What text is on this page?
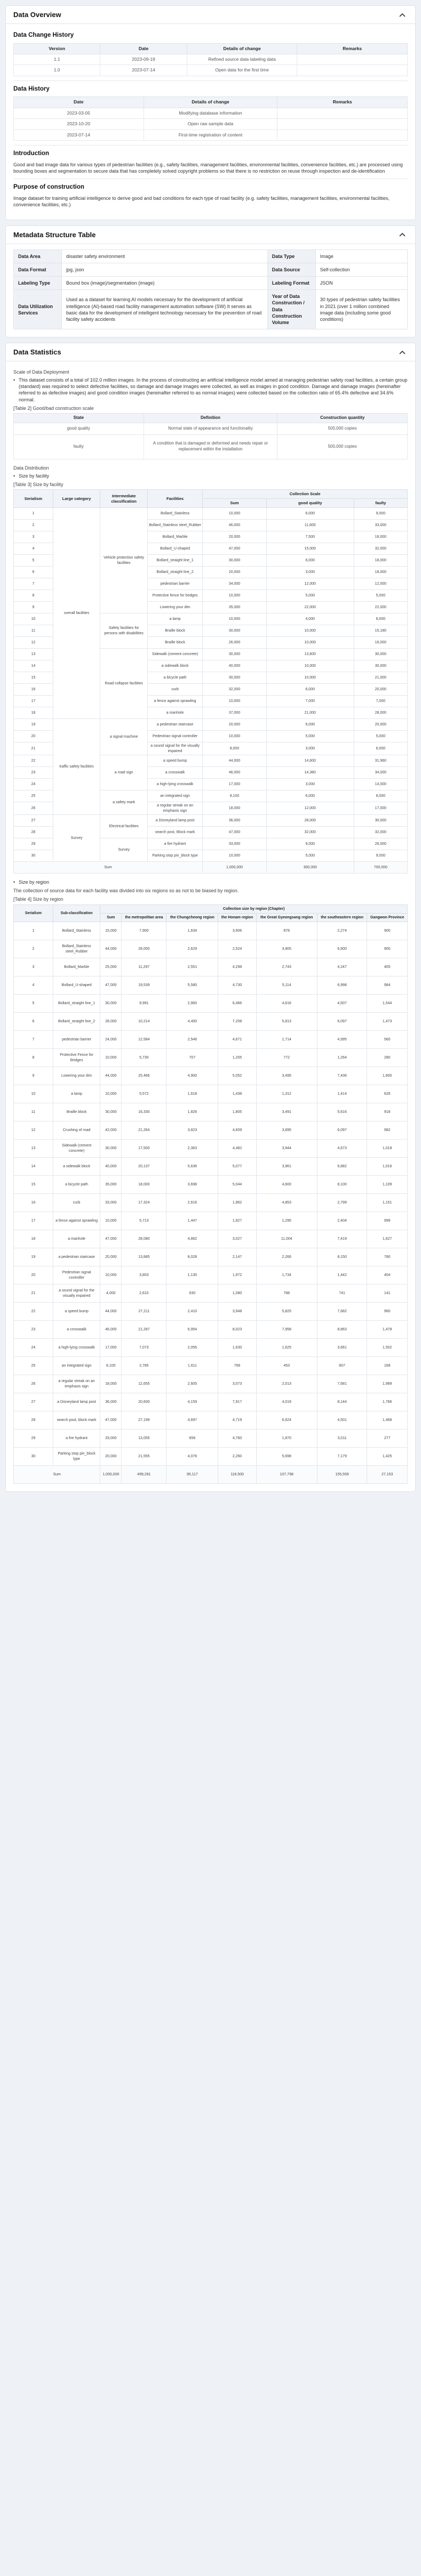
Data Overview
Data Change History
Version	Date	Details of change	Remarks
1.1	2023-09-19	Refined source data labeling data	
1.0	2023-07-14	Open data for the first time	
Data History
Date	Details of change	Remarks
2023-03-05	Modifying database information	
2023-10-20	Open raw sample data	
2023-07-14	First-time registration of content	
Introduction

Good and bad image data for various types of pedestrian facilities (e.g., safety facilities, management facilities, environmental facilities, convenience facilities, etc.) are processed using bounding boxes and segmentation to secure data that has completely solved copyright problems so that there is no restriction on reuse through inspection and de-identification

Purpose of construction

Image dataset for training artificial intelligence to derive good and bad conditions for each type of road facility (e.g. safety facilities, management facilities, environmental facilities, convenience facilities, etc.)

Metadata Structure Table
Data Area	disaster safety environment	Data Type	Image
Data Format	jpg, json	Data Source	Self-collection
Labeling Type	Bound box (image)/segmentation (image)	Labeling Format	JSON
Data Utilization Services	Used as a dataset for learning AI models necessary for the development of artificial intelligence (AI)-based road facility management automation software (SW) It serves as basic data for the development of intelligent technology necessary for the prevention of road facility safety accidents	Year of Data Construction / Data Construction Volume	30 types of pedestrian safety facilities in 2021 (over 1 million combined image data (including some good conditions)
Data Statistics
Scale of Data Deployment
• This dataset consists of a total of 102.0 million images. In the process of constructing an artificial intelligence model aimed at managing pedestrian safety road facilities, a certain group (standard) was required to select defective facilities, so damage and damage images were collected, as well as images in good condition. Damage and damage images (hereinafter referred to as defective images) and good condition images (hereinafter referred to as normal images) were collected based on the collection ratio of 65.4% defective and 34.6% normal.
[Table 2] Good/bad construction scale
State	Definition	Construction quantity
good quality	Normal state of appearance and functionality	500,000 copies
faulty	A condition that is damaged or deformed and needs repair or replacement within the installation	500,000 copies
Data Distribution
• Size by facility
[Table 3] Size by facility
Serialism	Large category	Intermediate classification	Facilities	Collection Scale		
				Sum	good quality	faulty
1	overall facilities	Vehicle protection safety facilities	Bollard_Stainless	10,000	6,000	9,000
2			Bollard_Stainless steel_Rubber	46,000	11,600	33,000
3			Bollard_Marble	20,000	7,500	18,000
4			Bollard_U-shaped	47,000	15,000	32,000
5			Bollard_straight line_1	30,000	6,000	18,000
6			Bollard_straight line_2	20,000	3,000	18,000
7			pedestrian barrier	34,000	12,000	12,000
8			Protective fence for bridges	10,000	5,000	5,000
9			Lowering your dim	35,000	22,000	22,000
10		Safety facilities for persons with disabilities	a lamp	10,000	4,000	8,000
11			Braille block	30,000	10,000	15,180
12			Braille block	26,000	10,000	16,000
13		Road collapse facilities	Sidewalk (cement concrete)	30,000	13,600	30,000
14			a sidewalk block	40,000	10,000	30,000
15			a bicycle path	30,000	10,000	21,000
16			curb	32,000	6,000	20,000
17			a fence against sprawling	10,000	7,000	7,000
18			a manhole	37,000	21,000	28,000
19	traffic safety facilities	a signal machine	a pedestrian staircase	20,000	6,000	20,000
20			Pedestrian signal controller	10,000	5,000	5,000
21			a sound signal for the visually impaired	8,000	3,000	6,000
22		a road sign	a speed bump	44,000	14,600	31,960
23			a crosswalk	46,000	14,380	34,000
24			a high-lying crosswalk	17,000	3,000	14,000
25		a safety mark	an integrated sign	8,100	6,000	8,000
26			a regular streak on an emphasis sign	18,000	12,000	17,000
27	Survey	Electrical facilities	a Disneyland lamp post	36,000	28,000	30,000
28			search post, Block mark	47,000	32,000	32,000
29		Survey	a fire hydrant	33,000	9,000	26,000
30			Parking stop pin_block type	10,000	5,000	9,000
Sum				1,000,000	300,000	700,000
• Size by region
The collection of source data for each facility was divided into six regions so as not to be biased by region.
[Table 4] Size by region
Serialism	Sub-classification	Collection size by region (Chapter)						
		Sum	the metropolitan area	the Chungcheong region	the Honam region	the Great Gyeongsang region	the southeastern region	Gangwon Province
1	Bollard_Stainless	15,000	7,900	1,634	3,906	878	2,274	900
2	Bollard_Stainless steel_Rubber	44,000	28,000	2,629	2,524	3,905	6,900	900
3	Bollard_Marble	25,000	11,297	2,551	4,298	2,743	4,247	405
4	Bollard_U-shaped	47,000	19,539	5,580	4,730	5,114	6,998	984
5	Bollard_straight line_1	30,000	9,991	2,960	6,466	4,616	4,507	1,544
6	Bollard_straight line_2	28,000	10,214	4,400	7,208	5,813	6,097	1,473
7	pedestrian barrier	24,000	12,584	2,546	4,671	1,714	4,995	560
8	Protective Fence for Bridges	10,000	5,730	707	1,205	772	1,264	280
9	Lowering your dim	44,000	25,466	4,900	5,052	3,495	7,436	1,800
10	a lamp	10,000	5,572	1,618	1,438	1,312	1,414	626
11	Braille block	30,000	16,330	1,826	1,805	3,491	5,616	918
12	Crushing of road	42,000	21,264	3,823	4,609	3,895	6,097	982
13	Sidewalk (cement concrete)	30,000	17,500	2,363	4,482	3,944	4,673	1,018
14	a sidewalk block	40,000	20,137	5,636	5,077	3,961	6,882	1,016
15	a bicycle path	35,000	18,000	3,698	5,044	4,600	8,100	1,109
16	curb	33,000	17,324	2,616	1,962	4,853	2,799	1,151
17	a fence against sprawling	10,000	5,713	1,447	1,827	1,295	2,404	999
18	a manhole	47,000	28,080	4,862	3,027	11,004	7,419	1,627
19	a pedestrian staircase	20,000	13,885	8,028	2,147	2,266	8,150	780
20	Pedestrian signal controller	10,000	3,803	1,130	1,972	1,734	1,442	404
21	a sound signal for the visually impaired	4,000	2,610	630	1,080	788	741	141
22	a speed bump	44,000	27,211	2,410	3,948	5,825	7,682	960
23	a crosswalk	46,000	21,287	6,954	8,023	7,958	8,863	1,478
24	a high-lying crosswalk	17,000	7,073	2,056	1,630	1,625	3,661	1,502
25	an integrated sign	8,100	2,785	1,611	766	453	607	168
26	a regular streak on an emphasis sign	18,000	12,655	2,605	3,073	2,013	7,681	1,989
27	a Disneyland lamp post	36,000	20,600	4,159	7,917	4,019	8,144	1,766
28	search post, block mark	47,000	27,199	4,697	4,719	6,624	4,501	1,468
29	a fire hydrant	33,000	13,055	656	4,760	1,870	3,011	277
30	Parking stop pin_block type	20,000	21,555	4,076	2,260	5,698	7,179	1,425
Sum		1,000,000	499,281	95,117	118,500	107,798	155,559	27,153
